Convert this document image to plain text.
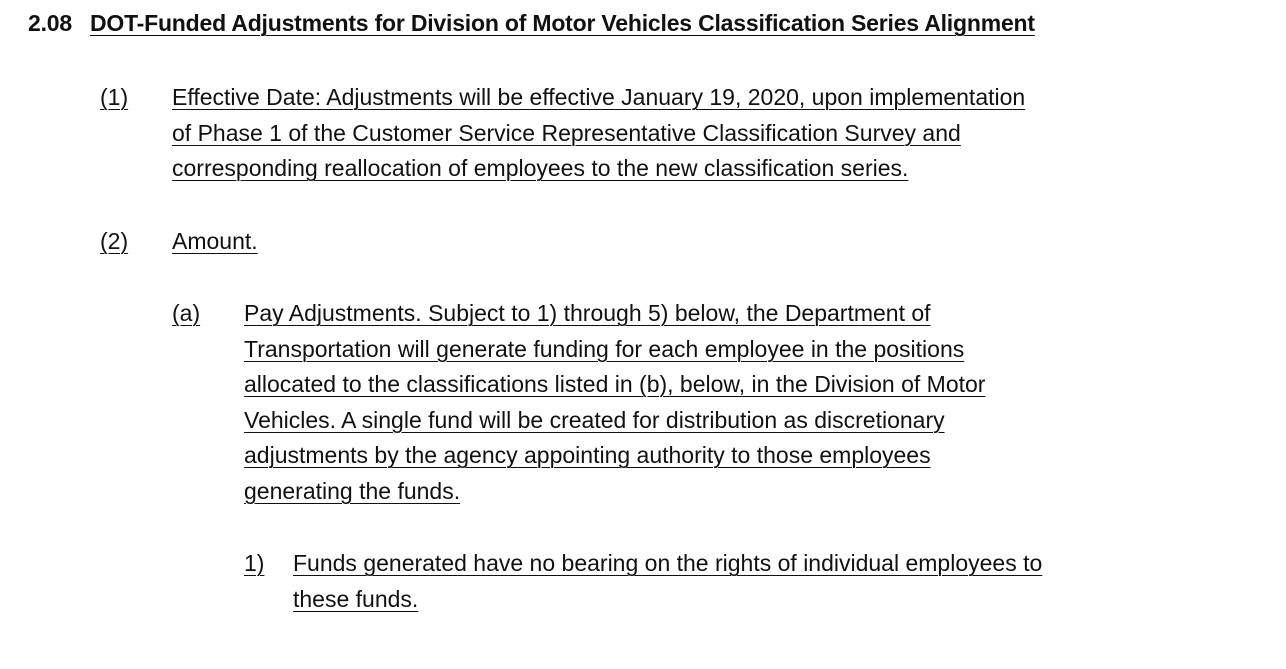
2.08 DOT-Funded Adjustments for Division of Motor Vehicles Classification Series Alignment
(1) Effective Date: Adjustments will be effective January 19, 2020, upon implementation
of Phase 1 of the Customer Service Representative Classification Survey and
corresponding reallocation of employees to the new classification series.
(2) Amount.
(a) Pay Adjustments. Subject to 1) through 5) below, the Department of
Transportation will generate funding for each employee in the positions
allocated to the classifications listed in (b), below, in the Division of Motor
Vehicles. A single fund will be created for distribution as discretionary
adjustments by the agency appointing authority to those employees
generating the funds.
1) Funds generated have no bearing on the rights of individual employees to
these funds.
